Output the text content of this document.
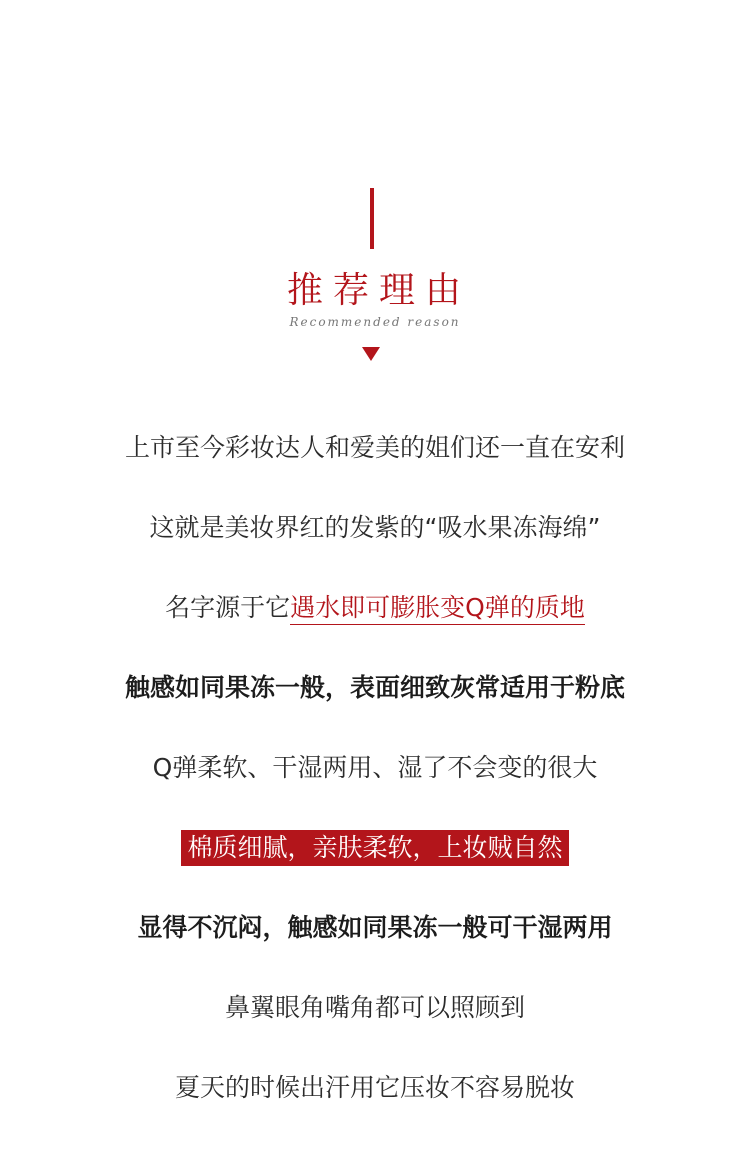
推荐理由
Recommended reason
上市至今彩妆达人和爱美的姐们还一直在安利
这就是美妆界红的发紫的“吸水果冻海绵”
名字源于它遇水即可膨胀变Q弹的质地
触感如同果冻一般，表面细致灰常适用于粉底
Q弹柔软、干湿两用、湿了不会变的很大
棉质细腻，亲肤柔软，上妆贼自然
显得不沉闷，触感如同果冻一般可干湿两用
鼻翼眼角嘴角都可以照顾到
夏天的时候出汗用它压妆不容易脱妆
